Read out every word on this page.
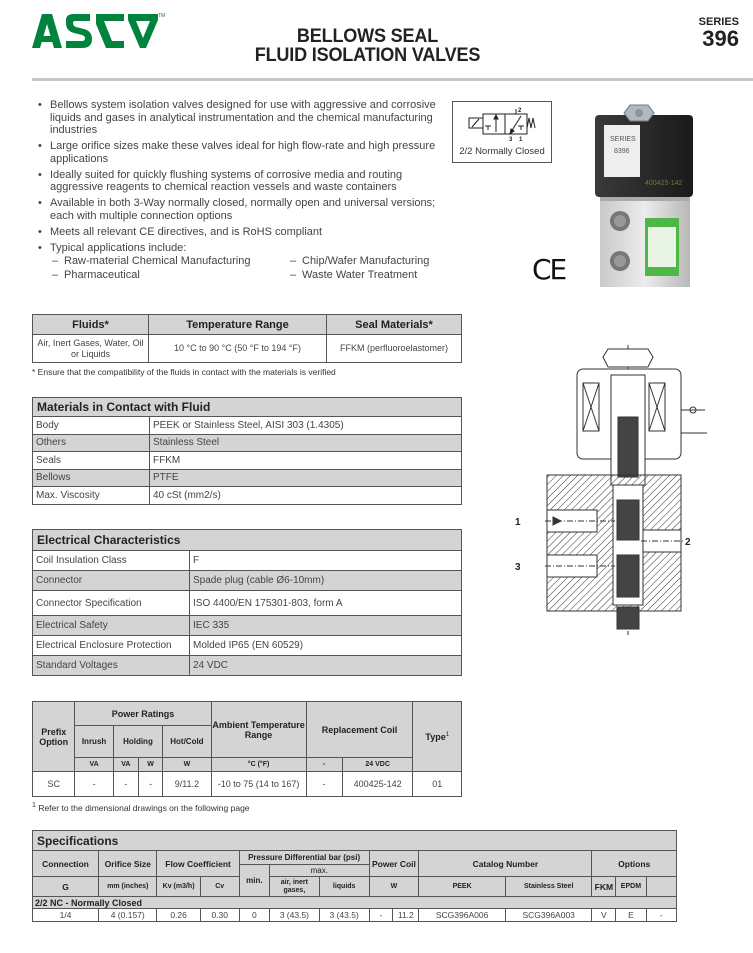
TM
BELLOWS SEAL
FLUID ISOLATION VALVES
SERIES
396
• Bellows system isolation valves designed for use with aggressive and corrosive liquids and gases in analytical instrumentation and the chemical manufacturing industries
• Large orifice sizes make these valves ideal for high flow-rate and high pressure applications
• Ideally suited for quickly flushing systems of corrosive media and routing aggressive reagents to chemical reaction vessels and waste containers
• Available in both 3-Way normally closed, normally open and universal versions; each with multiple connection options
• Meets all relevant CE directives, and is RoHS compliant
• Typical applications include:
– Raw-material Chemical Manufacturing	– Chip/Wafer Manufacturing
– Pharmaceutical	– Waste Water Treatment
2
3 1
2/2 Normally Closed
SERIES
8396
400425-142
CE
Fluids*	Temperature Range	Seal Materials*
Air, Inert Gases, Water, Oil or Liquids	10 °C to 90 °C (50 °F to 194 °F)	FFKM (perfluoroelastomer)
* Ensure that the compatibility of the fluids in contact with the materials is verified
Materials in Contact with Fluid	
Body	PEEK or Stainless Steel, AISI 303 (1.4305)
Others	Stainless Steel
Seals	FFKM
Bellows	PTFE
Max. Viscosity	40 cSt (mm2/s)
Electrical Characteristics	
Coil Insulation Class	F
Connector	Spade plug (cable Ø6-10mm)
Connector Specification	ISO 4400/EN 175301-803, form A
Electrical Safety	IEC 335
Electrical Enclosure Protection	Molded IP65 (EN 60529)
Standard Voltages	24 VDC
Prefix Option	Power Ratings				Ambient Temperature Range	Replacement Coil		Type$^1$
	Inrush	Holding		Hot/Cold				
	VA	VA	W	W	°C (°F)	-	24 VDC	
SC	-	-	-	9/11.2	-10 to 75 (14 to 167)	-	400425-142	01
$^1$ Refer to the dimensional drawings on the following page
Specifications													
Connection	Orifice Size	Flow Coefficient		Pressure Differential bar (psi)			Power Coil		Catalog Number		Options		
				min.	max.								
G	mm (inches)	Kv (m3/h)	Cv		air, inert gases,	liquids	W		PEEK	Stainless Steel	FKM	EPDM	
2/2 NC - Normally Closed													
1/4	4 (0.157)	0.26	0.30	0	3 (43.5)	3 (43.5)	-	11.2	SCG396A006	SCG396A003	V	E	-
1
2
3
